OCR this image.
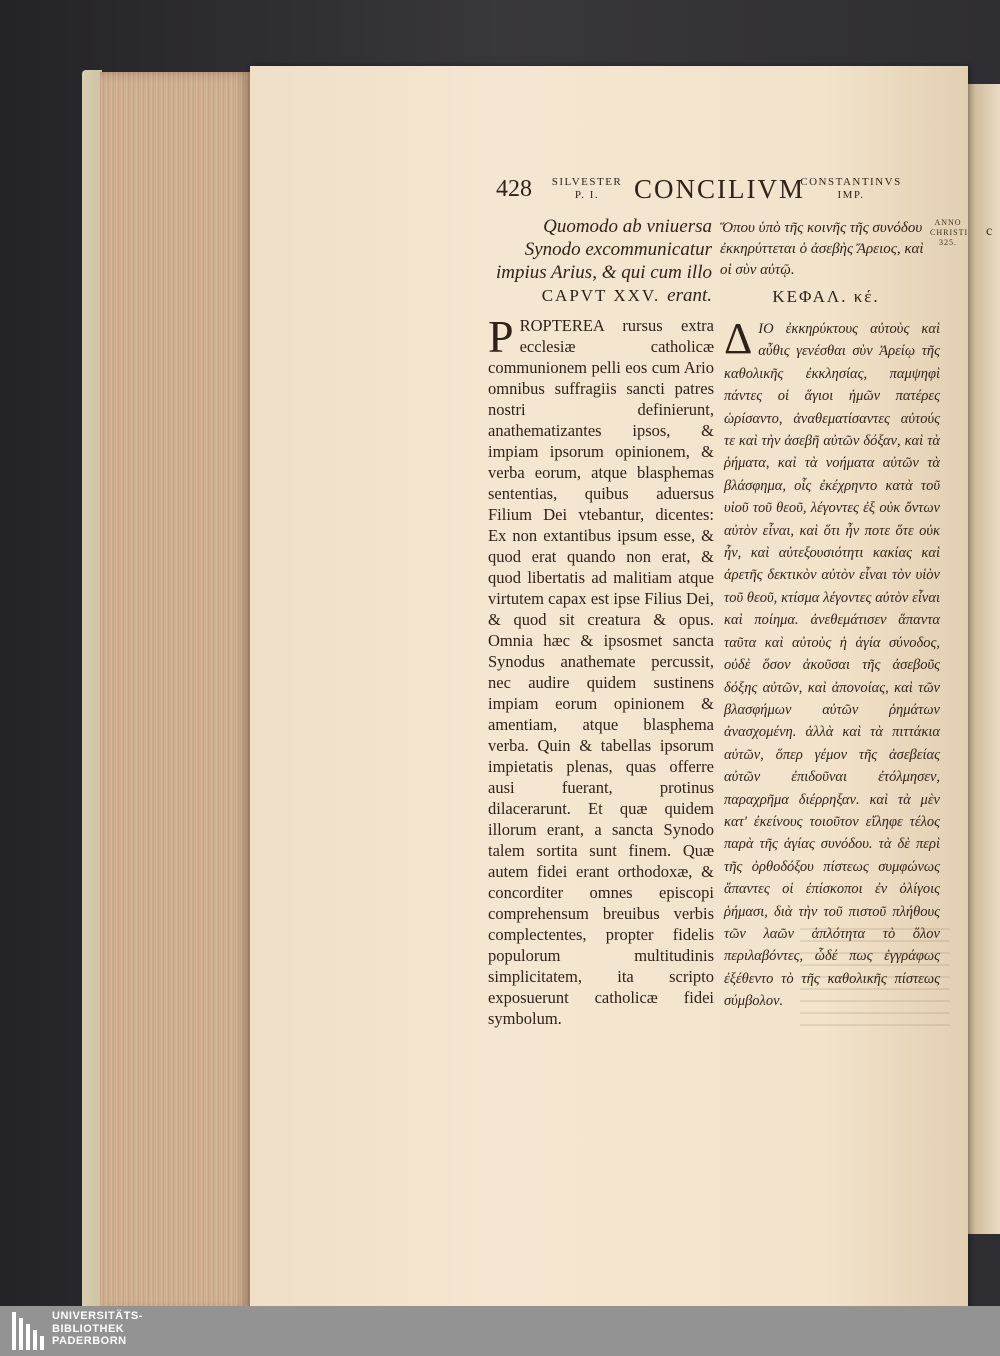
c
428	SILVESTER
P. I.	CONCILIVM
CONSTANTINVS
IMP.
ANNO
CHRISTI
325.
Quomodo ab vniuersa Synodo excommunicatur impius Arius, & qui cum illo erant.
CAPVT XXV.

PROPTEREA rursus extra ecclesiæ catholicæ communionem pelli eos cum Ario omnibus suffragiis sancti patres nostri definierunt, anathematizantes ipsos, & impiam ipsorum opinionem, & verba eorum, atque blasphemas sententias, quibus aduersus Filium Dei vtebantur, dicentes: Ex non extantibus ipsum esse, & quod erat quando non erat, & quod libertatis ad malitiam atque virtutem capax est ipse Filius Dei, & quod sit creatura & opus. Omnia hæc & ipsosmet sancta Synodus anathemate percussit, nec audire quidem sustinens impiam eorum opinionem & amentiam, atque blasphema verba. Quin & tabellas ipsorum impietatis plenas, quas offerre ausi fuerant, protinus dilacerarunt. Et quæ quidem illorum erant, a sancta Synodo talem sortita sunt finem. Quæ autem fidei erant orthodoxæ, & concorditer omnes episcopi comprehensum breuibus verbis complectentes, propter fidelis populorum multitudinis simplicitatem, ita scripto exposuerunt catholicæ fidei symbolum.

Ὅπου ὑπὸ τῆς κοινῆς τῆς συνόδου ἐκκηρύττεται ὁ ἀσεβὴς Ἄρειος, καὶ οἱ σὺν αὐτῷ.
ΚΕΦΑΛ. κέ.

ΔΙΟ ἐκκηρύκτους αὐτοὺς καὶ αὖθις γενέσθαι σὺν Ἀρείῳ τῆς καθολικῆς ἐκκλησίας, παμψηφὶ πάντες οἱ ἅγιοι ἡμῶν πατέρες ὡρίσαντο, ἀναθεματίσαντες αὐτούς τε καὶ τὴν ἀσεβῆ αὐτῶν δόξαν, καὶ τὰ ῥήματα, καὶ τὰ νοήματα αὐτῶν τὰ βλάσφημα, οἷς ἐκέχρηντο κατὰ τοῦ υἱοῦ τοῦ θεοῦ, λέγοντες ἐξ οὐκ ὄντων αὐτὸν εἶναι, καὶ ὅτι ἦν ποτε ὅτε οὐκ ἦν, καὶ αὐτεξουσιότητι κακίας καὶ ἀρετῆς δεκτικὸν αὐτὸν εἶναι τὸν υἱὸν τοῦ θεοῦ, κτίσμα λέγοντες αὐτὸν εἶναι καὶ ποίημα. ἀνεθεμάτισεν ἅπαντα ταῦτα καὶ αὐτοὺς ἡ ἁγία σύνοδος, οὐδὲ ὅσον ἀκοῦσαι τῆς ἀσεβοῦς δόξης αὐτῶν, καὶ ἀπονοίας, καὶ τῶν βλασφήμων αὐτῶν ῥημάτων ἀνασχομένη. ἀλλὰ καὶ τὰ πιττάκια αὐτῶν, ὅπερ γέμον τῆς ἀσεβείας αὐτῶν ἐπιδοῦναι ἐτόλμησεν, παραχρῆμα διέρρηξαν. καὶ τὰ μὲν κατ' ἐκείνους τοιοῦτον εἴληφε τέλος παρὰ τῆς ἁγίας συνόδου. τὰ δὲ περὶ τῆς ὀρθοδόξου πίστεως συμφώνως ἅπαντες οἱ ἐπίσκοποι ἐν ὀλίγοις ῥήμασι, διὰ τὴν τοῦ πιστοῦ πλήθους τῶν λαῶν ἁπλότητα τὸ ὅλον περιλαβόντες, ὧδέ πως ἐγγράφως ἐξέθεντο τὸ τῆς καθολικῆς πίστεως σύμβολον.

UNIVERSITÄTS-
BIBLIOTHEK
PADERBORN
